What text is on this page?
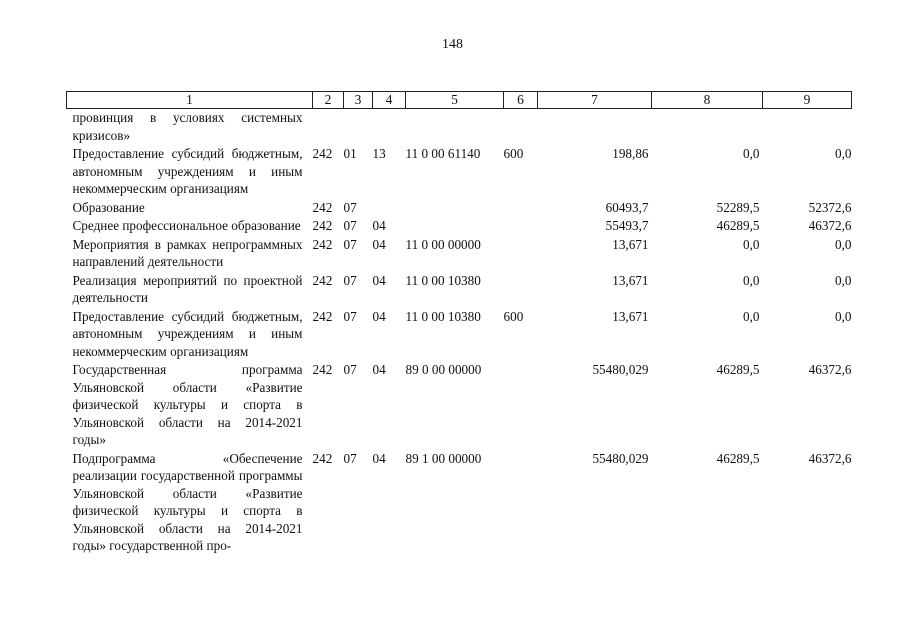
148
1	2	3	4	5	6	7	8	9
провинция в условиях системных кризисов»								
Предоставление субсидий бюджетным, автономным учреждениям и иным некоммерческим организациям	242	01	13	11 0 00 61140	600	198,86	0,0	0,0
Образование	242	07				60493,7	52289,5	52372,6
Среднее профессиональное образование	242	07	04			55493,7	46289,5	46372,6
Мероприятия в рамках непрограммных направлений деятельности	242	07	04	11 0 00 00000		13,671	0,0	0,0
Реализация мероприятий по проектной деятельности	242	07	04	11 0 00 10380		13,671	0,0	0,0
Предоставление субсидий бюджетным, автономным учреждениям и иным некоммерческим организациям	242	07	04	11 0 00 10380	600	13,671	0,0	0,0
Государственная программа Ульяновской области «Развитие физической культуры и спорта в Ульяновской области на 2014-2021 годы»	242	07	04	89 0 00 00000		55480,029	46289,5	46372,6
Подпрограмма «Обеспечение реализации государственной программы Ульяновской области «Развитие физической культуры и спорта в Ульяновской области на 2014-2021 годы» государственной про-	242	07	04	89 1 00 00000		55480,029	46289,5	46372,6
